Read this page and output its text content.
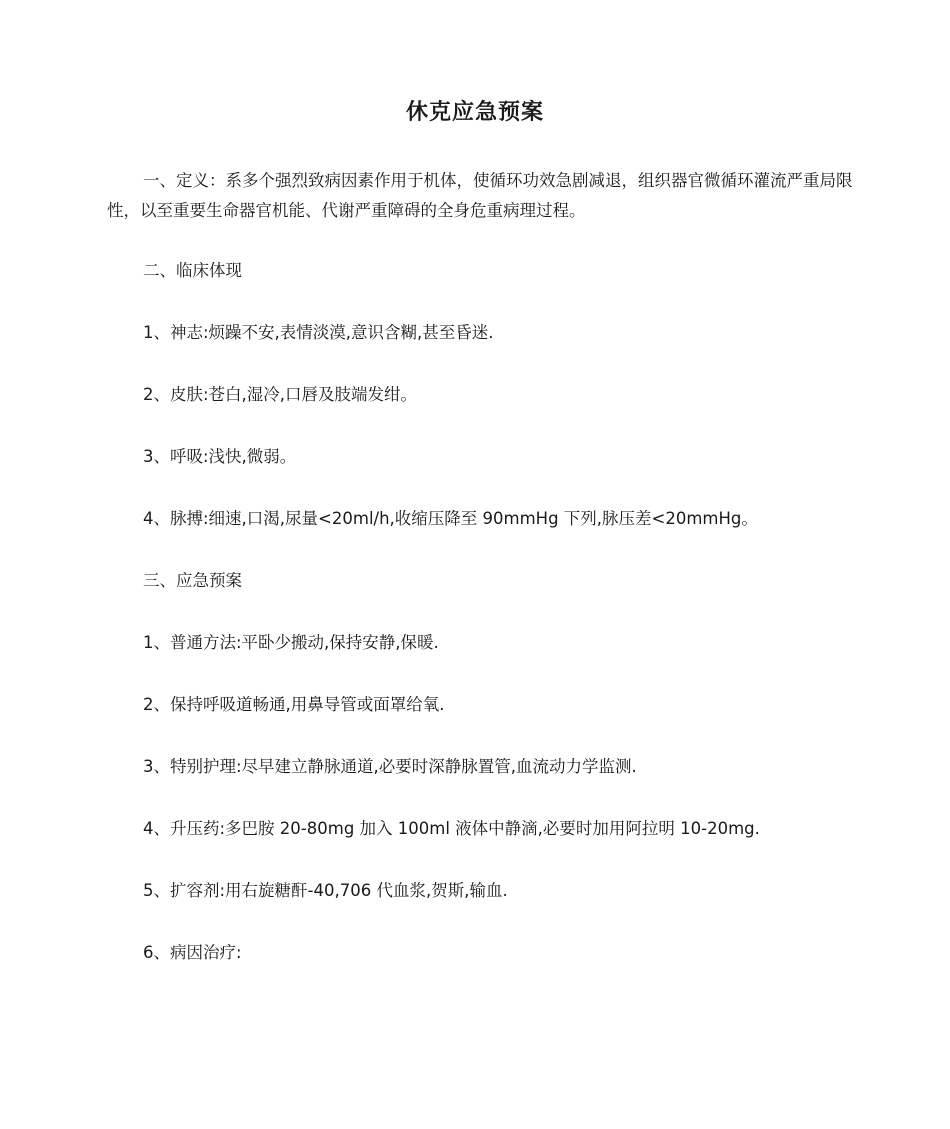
休克应急预案
一、定义：系多个强烈致病因素作用于机体，使循环功效急剧减退，组织器官微循环灌流严重局限性，以至重要生命器官机能、代谢严重障碍的全身危重病理过程。
二、临床体现
1、神志:烦躁不安,表情淡漠,意识含糊,甚至昏迷.
2、皮肤:苍白,湿冷,口唇及肢端发绀。
3、呼吸:浅快,微弱。
4、脉搏:细速,口渴,尿量<20ml/h,收缩压降至 90mmHg 下列,脉压差<20mmHg。
三、应急预案
1、普通方法:平卧少搬动,保持安静,保暖.
2、保持呼吸道畅通,用鼻导管或面罩给氧.
3、特别护理:尽早建立静脉通道,必要时深静脉置管,血流动力学监测.
4、升压药:多巴胺 20-80mg 加入 100ml 液体中静滴,必要时加用阿拉明 10-20mg.
5、扩容剂:用右旋糖酐-40,706 代血浆,贺斯,输血.
6、病因治疗:
